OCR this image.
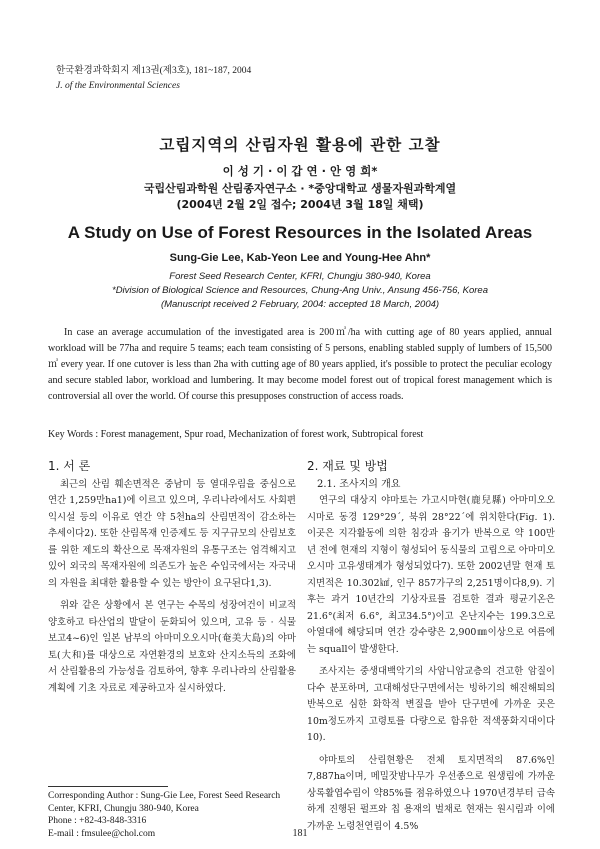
한국환경과학회지 제13권(제3호), 181~187, 2004
J. of the Environmental Sciences
고립지역의 산림자원 활용에 관한 고찰
이 성 기 · 이 갑 연 · 안 영 희*
국립산림과학원 산림종자연구소 · *중앙대학교 생물자원과학계열
(2004년 2월 2일 접수; 2004년 3월 18일 채택)
A Study on Use of Forest Resources in the Isolated Areas
Sung-Gie Lee, Kab-Yeon Lee and Young-Hee Ahn*
Forest Seed Research Center, KFRI, Chungju 380-940, Korea
*Division of Biological Science and Resources, Chung-Ang Univ., Ansung 456-756, Korea
(Manuscript received 2 February, 2004: accepted 18 March, 2004)

In case an average accumulation of the investigated area is 200㎥/ha with cutting age of 80 years applied, annual workload will be 77ha and require 5 teams; each team consisting of 5 persons, enabling stabled supply of lumbers of 15,500㎥ every year. If one cutover is less than 2ha with cutting age of 80 years applied, it's possible to protect the peculiar ecology and secure stabled labor, workload and lumbering. It may become model forest out of tropical forest management which is controversial all over the world. Of course this presupposes construction of access roads.

Key Words : Forest management, Spur road, Mechanization of forest work, Subtropical forest

1. 서 론

최근의 산림 훼손면적은 중남미 등 열대우림을 중심으로 연간 1,259만ha1)에 이르고 있으며, 우리나라에서도 사회편익시설 등의 이유로 연간 약 5천ha의 산림면적이 감소하는 추세이다2). 또한 산림목재 인증제도 등 지구규모의 산림보호를 위한 제도의 확산으로 목재자원의 유통구조는 엄격해지고 있어 외국의 목재자원에 의존도가 높은 수입국에서는 자국내의 자원을 최대한 활용할 수 있는 방안이 요구된다1,3).

위와 같은 상황에서 본 연구는 수목의 성장여건이 비교적 양호하고 타산업의 발달이 둔화되어 있으며, 고유 등 · 식물 보고4~6)인 일본 남부의 아마미오오시마(奄美大島)의 야마토(大和)를 대상으로 자연환경의 보호와 산지소득의 조화에서 산림활용의 가능성을 검토하여, 향후 우리나라의 산림활용계획에 기초 자료로 제공하고자 실시하였다.

2. 재료 및 방법
2.1. 조사지의 개요

연구의 대상지 야마토는 가고시마현(鹿兒縣) 아마미오오시마로 동경 129°29´, 북위 28°22´에 위치한다(Fig. 1). 이곳은 지각활동에 의한 침강과 융기가 반복으로 약 100만 년 전에 현재의 지형이 형성되어 동식물의 고립으로 아마미오오시마 고유생태계가 형성되었다7). 또한 2002년말 현재 토지면적은 10.302㎢, 인구 857가구의 2,251명이다8,9). 기후는 과거 10년간의 기상자료를 검토한 결과 평균기온은 21.6°(최저 6.6°, 최고34.5°)이고 온난지수는 199.3으로 아열대에 해당되며 연간 강수량은 2,900㎜이상으로 여름에는 squall이 발생한다.

조사지는 중생대백악기의 사암니암교층의 견고한 암질이 다수 분포하며, 고대해성단구면에서는 빙하기의 해진해퇴의 반복으로 심한 화학적 변질을 받아 단구면에 가까운 곳은 10m정도까지 고령토를 다량으로 함유한 적색풍화지대이다10).

야마토의 산림현황은 전체 토지면적의 87.6%인 7,887ha이며, 메밀잣밤나무가 우선종으로 원생림에 가까운 상록활엽수림이 약85%를 점유하였으나 1970년경부터 급속하게 진행된 펄프와 칩 용재의 벌채로 현재는 원시림과 이에 가까운 노령천연림이 4.5%

Corresponding Author : Sung-Gie Lee, Forest Seed Research Center, KFRI, Chungju 380-940, Korea
Phone : +82-43-848-3316
E-mail : fmsulee@chol.com	181
